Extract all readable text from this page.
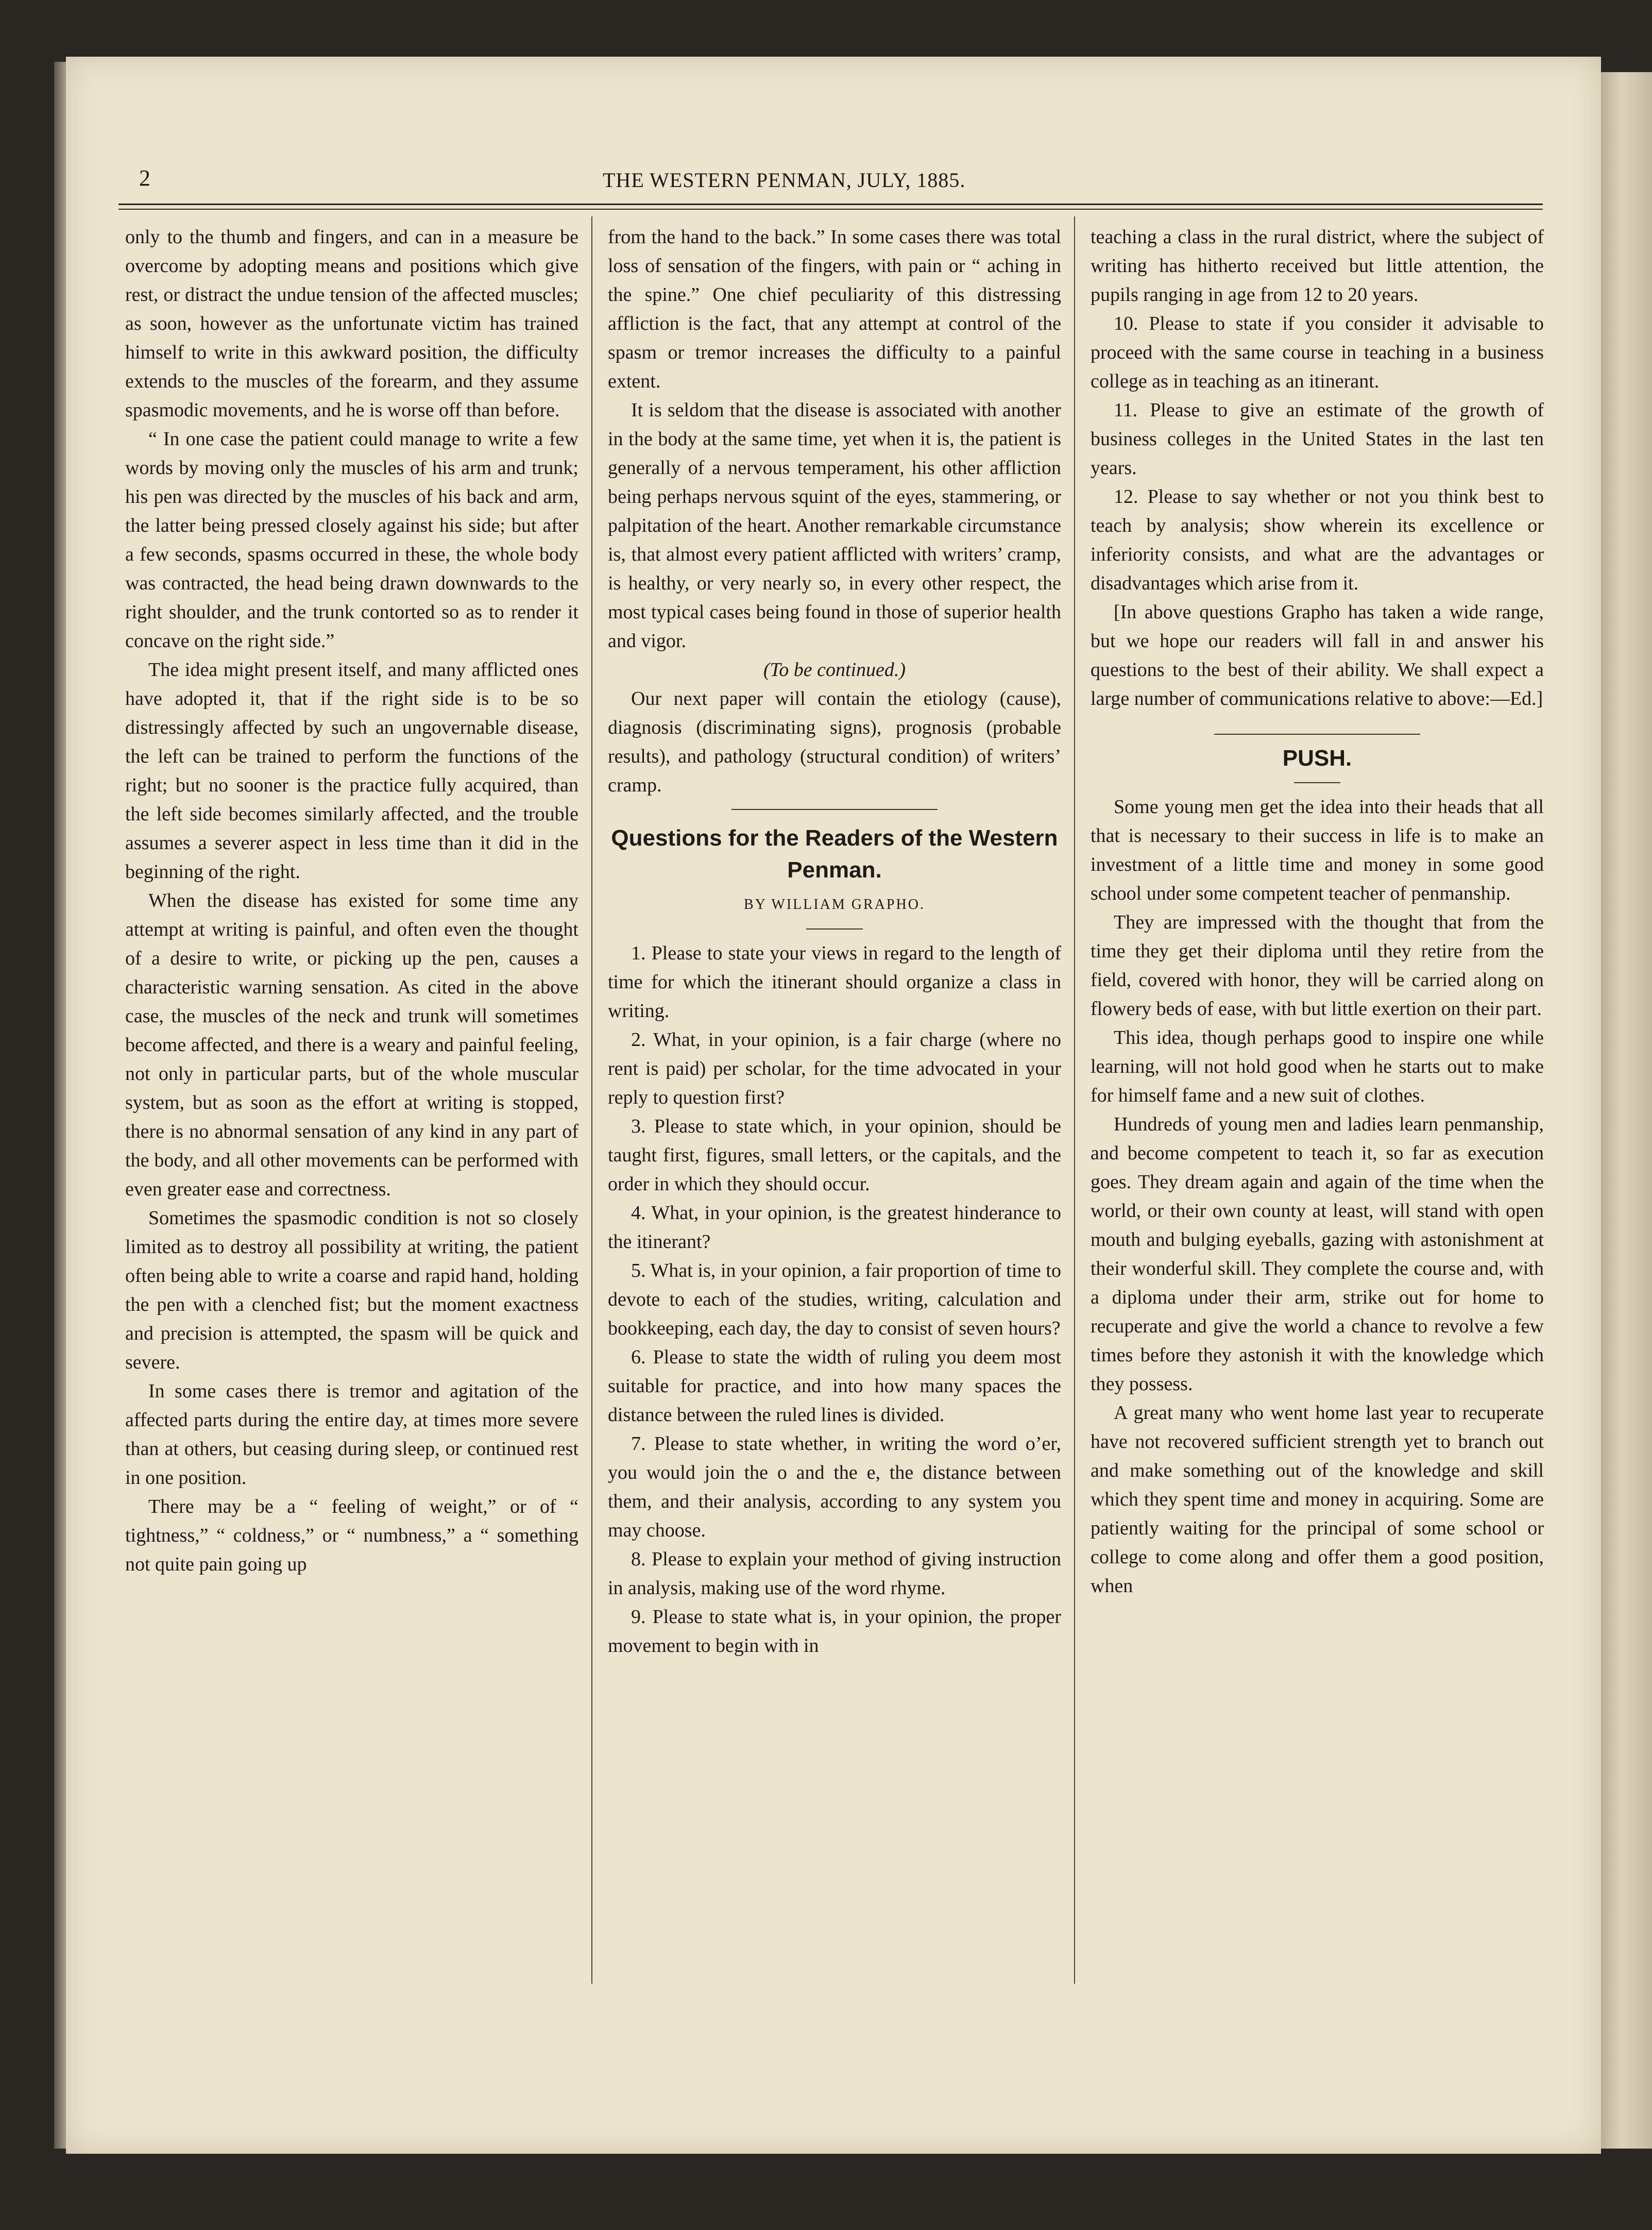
2	THE WESTERN PENMAN, JULY, 1885.

only to the thumb and fingers, and can in a measure be overcome by adopting means and positions which give rest, or distract the undue tension of the affected muscles; as soon, however as the unfortunate victim has trained himself to write in this awkward position, the difficulty extends to the muscles of the forearm, and they assume spasmodic movements, and he is worse off than before.

“ In one case the patient could manage to write a few words by moving only the muscles of his arm and trunk; his pen was directed by the muscles of his back and arm, the latter being pressed closely against his side; but after a few seconds, spasms occurred in these, the whole body was contracted, the head being drawn downwards to the right shoulder, and the trunk contorted so as to render it concave on the right side.”

The idea might present itself, and many afflicted ones have adopted it, that if the right side is to be so distressingly affected by such an ungovernable disease, the left can be trained to perform the functions of the right; but no sooner is the practice fully acquired, than the left side becomes similarly affected, and the trouble assumes a severer aspect in less time than it did in the beginning of the right.

When the disease has existed for some time any attempt at writing is painful, and often even the thought of a desire to write, or picking up the pen, causes a characteristic warning sensation. As cited in the above case, the muscles of the neck and trunk will sometimes become affected, and there is a weary and painful feeling, not only in particular parts, but of the whole muscular system, but as soon as the effort at writing is stopped, there is no abnormal sensation of any kind in any part of the body, and all other movements can be performed with even greater ease and correctness.

Sometimes the spasmodic condition is not so closely limited as to destroy all possibility at writing, the patient often being able to write a coarse and rapid hand, holding the pen with a clenched fist; but the moment exactness and precision is attempted, the spasm will be quick and severe.

In some cases there is tremor and agitation of the affected parts during the entire day, at times more severe than at others, but ceasing during sleep, or continued rest in one position.

There may be a “ feeling of weight,” or of “ tightness,” “ coldness,” or “ numbness,” a “ something not quite pain going up

from the hand to the back.” In some cases there was total loss of sensation of the fingers, with pain or “ aching in the spine.” One chief peculiarity of this distressing affliction is the fact, that any attempt at control of the spasm or tremor increases the difficulty to a painful extent.

It is seldom that the disease is associated with another in the body at the same time, yet when it is, the patient is generally of a nervous temperament, his other affliction being perhaps nervous squint of the eyes, stammering, or palpitation of the heart. Another remarkable circumstance is, that almost every patient afflicted with writers’ cramp, is healthy, or very nearly so, in every other respect, the most typical cases being found in those of superior health and vigor.

(To be continued.)

Our next paper will contain the etiology (cause), diagnosis (discriminating signs), prognosis (probable results), and pathology (structural condition) of writers’ cramp.

Questions for the Readers of the Western Penman.
BY WILLIAM GRAPHO.

1. Please to state your views in regard to the length of time for which the itinerant should organize a class in writing.

2. What, in your opinion, is a fair charge (where no rent is paid) per scholar, for the time advocated in your reply to question first?

3. Please to state which, in your opinion, should be taught first, figures, small letters, or the capitals, and the order in which they should occur.

4. What, in your opinion, is the greatest hinderance to the itinerant?

5. What is, in your opinion, a fair proportion of time to devote to each of the studies, writing, calculation and bookkeeping, each day, the day to consist of seven hours?

6. Please to state the width of ruling you deem most suitable for practice, and into how many spaces the distance between the ruled lines is divided.

7. Please to state whether, in writing the word o’er, you would join the o and the e, the distance between them, and their analysis, according to any system you may choose.

8. Please to explain your method of giving instruction in analysis, making use of the word rhyme.

9. Please to state what is, in your opinion, the proper movement to begin with in

teaching a class in the rural district, where the subject of writing has hitherto received but little attention, the pupils ranging in age from 12 to 20 years.

10. Please to state if you consider it advisable to proceed with the same course in teaching in a business college as in teaching as an itinerant.

11. Please to give an estimate of the growth of business colleges in the United States in the last ten years.

12. Please to say whether or not you think best to teach by analysis; show wherein its excellence or inferiority consists, and what are the advantages or disadvantages which arise from it.

[In above questions Grapho has taken a wide range, but we hope our readers will fall in and answer his questions to the best of their ability. We shall expect a large number of communications relative to above:—Ed.]

PUSH.

Some young men get the idea into their heads that all that is necessary to their success in life is to make an investment of a little time and money in some good school under some competent teacher of penmanship.

They are impressed with the thought that from the time they get their diploma until they retire from the field, covered with honor, they will be carried along on flowery beds of ease, with but little exertion on their part.

This idea, though perhaps good to inspire one while learning, will not hold good when he starts out to make for himself fame and a new suit of clothes.

Hundreds of young men and ladies learn penmanship, and become competent to teach it, so far as execution goes. They dream again and again of the time when the world, or their own county at least, will stand with open mouth and bulging eyeballs, gazing with astonishment at their wonderful skill. They complete the course and, with a diploma under their arm, strike out for home to recuperate and give the world a chance to revolve a few times before they astonish it with the knowledge which they possess.

A great many who went home last year to recuperate have not recovered sufficient strength yet to branch out and make something out of the knowledge and skill which they spent time and money in acquiring. Some are patiently waiting for the principal of some school or college to come along and offer them a good position, when
